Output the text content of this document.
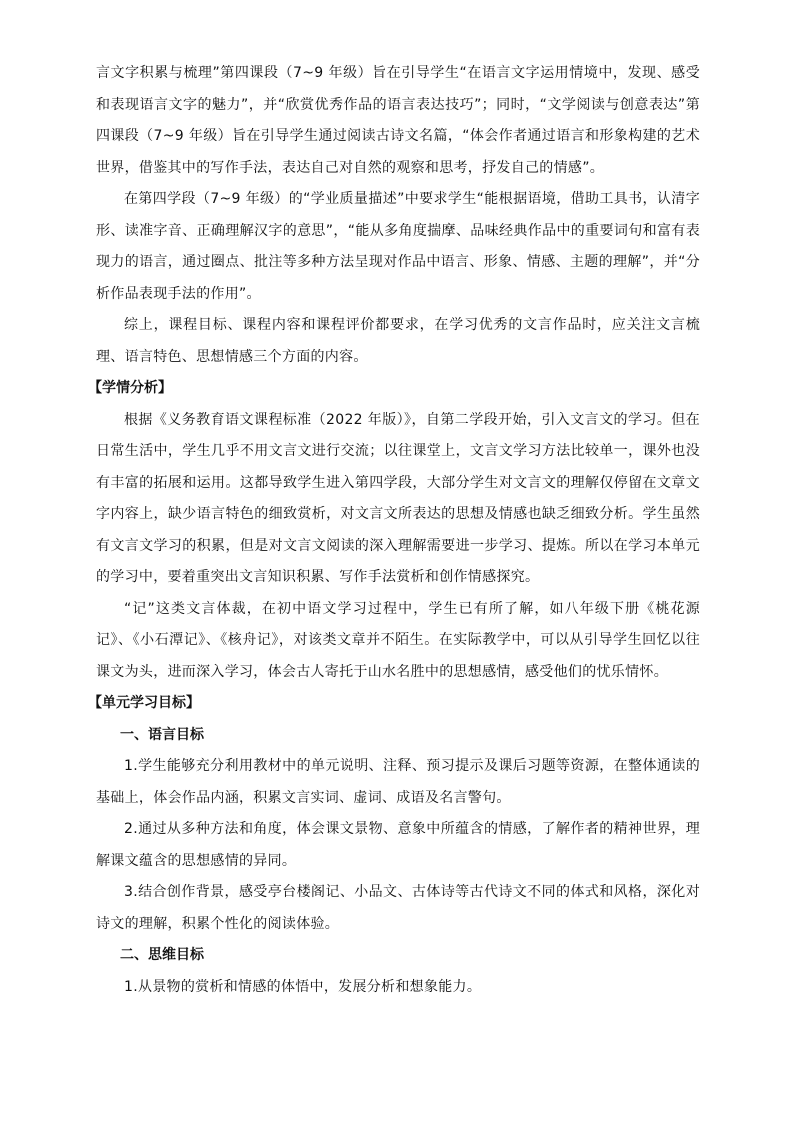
言文字积累与梳理”第四课段（7~9 年级）旨在引导学生“在语言文字运用情境中，发现、感受和表现语言文字的魅力”，并“欣赏优秀作品的语言表达技巧”；同时，“文学阅读与创意表达”第四课段（7~9 年级）旨在引导学生通过阅读古诗文名篇，“体会作者通过语言和形象构建的艺术世界，借鉴其中的写作手法，表达自己对自然的观察和思考，抒发自己的情感”。

在第四学段（7~9 年级）的“学业质量描述”中要求学生“能根据语境，借助工具书，认清字形、读准字音、正确理解汉字的意思”，“能从多角度揣摩、品味经典作品中的重要词句和富有表现力的语言，通过圈点、批注等多种方法呈现对作品中语言、形象、情感、主题的理解”，并“分析作品表现手法的作用”。

综上，课程目标、课程内容和课程评价都要求，在学习优秀的文言作品时，应关注文言梳理、语言特色、思想情感三个方面的内容。

【学情分析】

根据《义务教育语文课程标准（2022 年版）》，自第二学段开始，引入文言文的学习。但在日常生活中，学生几乎不用文言文进行交流；以往课堂上，文言文学习方法比较单一，课外也没有丰富的拓展和运用。这都导致学生进入第四学段，大部分学生对文言文的理解仅停留在文章文字内容上，缺少语言特色的细致赏析，对文言文所表达的思想及情感也缺乏细致分析。学生虽然有文言文学习的积累，但是对文言文阅读的深入理解需要进一步学习、提炼。所以在学习本单元的学习中，要着重突出文言知识积累、写作手法赏析和创作情感探究。

“记”这类文言体裁，在初中语文学习过程中，学生已有所了解，如八年级下册《桃花源记》、《小石潭记》、《核舟记》，对该类文章并不陌生。在实际教学中，可以从引导学生回忆以往课文为头，进而深入学习，体会古人寄托于山水名胜中的思想感情，感受他们的忧乐情怀。

【单元学习目标】
一、语言目标

1.学生能够充分利用教材中的单元说明、注释、预习提示及课后习题等资源，在整体通读的基础上，体会作品内涵，积累文言实词、虚词、成语及名言警句。

2.通过从多种方法和角度，体会课文景物、意象中所蕴含的情感，了解作者的精神世界，理解课文蕴含的思想感情的异同。

3.结合创作背景，感受亭台楼阁记、小品文、古体诗等古代诗文不同的体式和风格，深化对诗文的理解，积累个性化的阅读体验。

二、思维目标

1.从景物的赏析和情感的体悟中，发展分析和想象能力。
